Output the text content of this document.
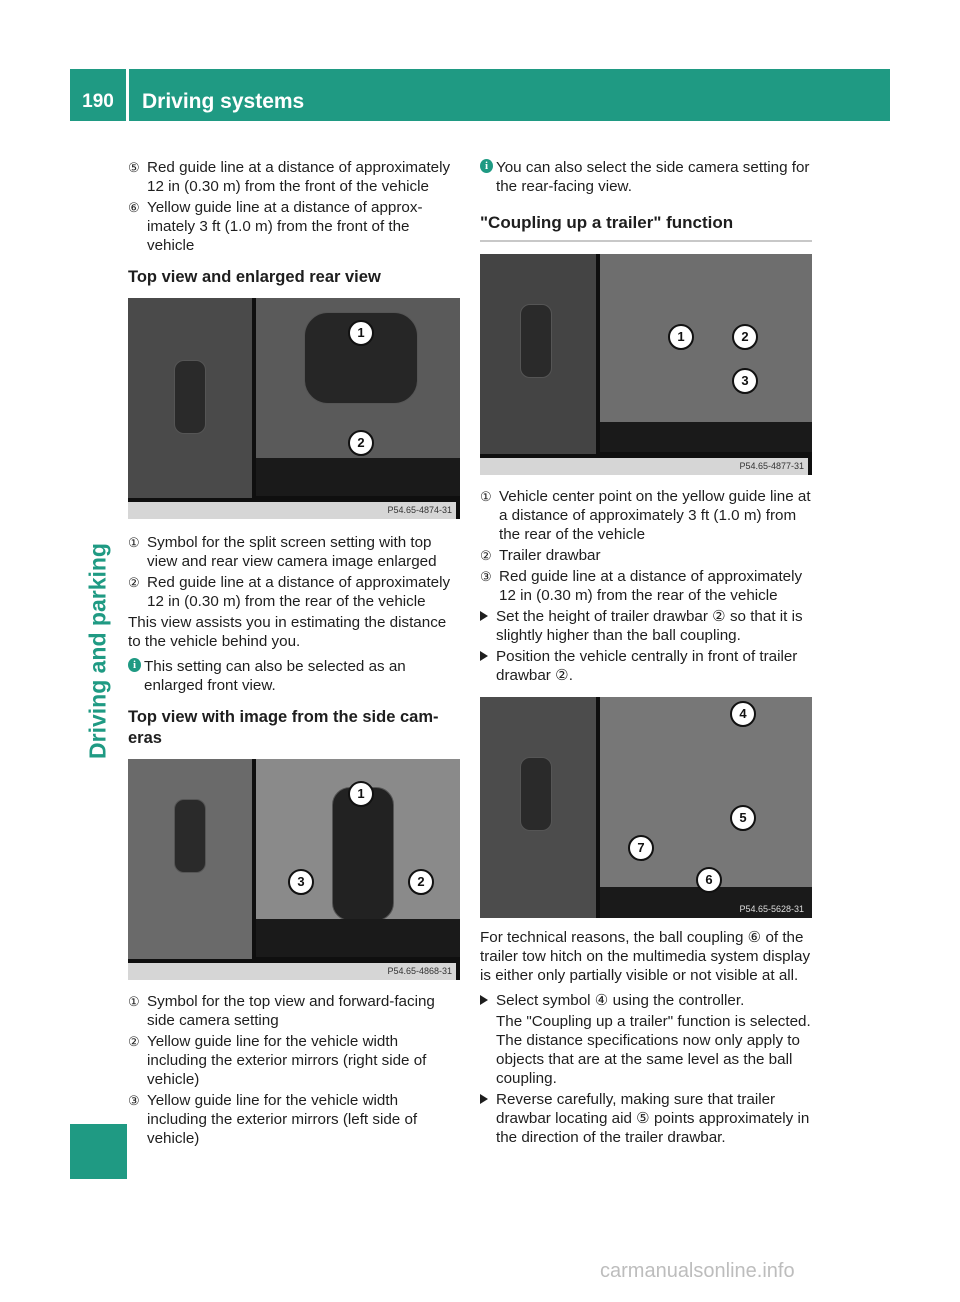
190	Driving systems
Driving and parking
⑤ Red guide line at a distance of approximately 12 in (0.30 m) from the front of the vehicle
⑥ Yellow guide line at a distance of approximately 3 ft (1.0 m) from the front of the vehicle
Top view and enlarged rear view
1
2
P54.65-4874-31
① Symbol for the split screen setting with top view and rear view camera image enlarged
② Red guide line at a distance of approximately 12 in (0.30 m) from the rear of the vehicle
This view assists you in estimating the distance to the vehicle behind you.
i This setting can also be selected as an enlarged front view.
Top view with image from the side cameras
1
2
3
P54.65-4868-31
① Symbol for the top view and forward-facing side camera setting
② Yellow guide line for the vehicle width including the exterior mirrors (right side of vehicle)
③ Yellow guide line for the vehicle width including the exterior mirrors (left side of vehicle)
i You can also select the side camera setting for the rear-facing view.
"Coupling up a trailer" function
1	2
3
P54.65-4877-31
① Vehicle center point on the yellow guide line at a distance of approximately 3 ft (1.0 m) from the rear of the vehicle
② Trailer drawbar
③ Red guide line at a distance of approximately 12 in (0.30 m) from the rear of the vehicle
Set the height of trailer drawbar ② so that it is slightly higher than the ball coupling.
Position the vehicle centrally in front of trailer drawbar ②.
4
5
6
7
P54.65-5628-31
For technical reasons, the ball coupling ⑥ of the trailer tow hitch on the multimedia system display is either only partially visible or not visible at all.
Select symbol ④ using the controller.
The "Coupling up a trailer" function is selected. The distance specifications now only apply to objects that are at the same level as the ball coupling.
Reverse carefully, making sure that trailer drawbar locating aid ⑤ points approximately in the direction of the trailer drawbar.
carmanualsonline.info
